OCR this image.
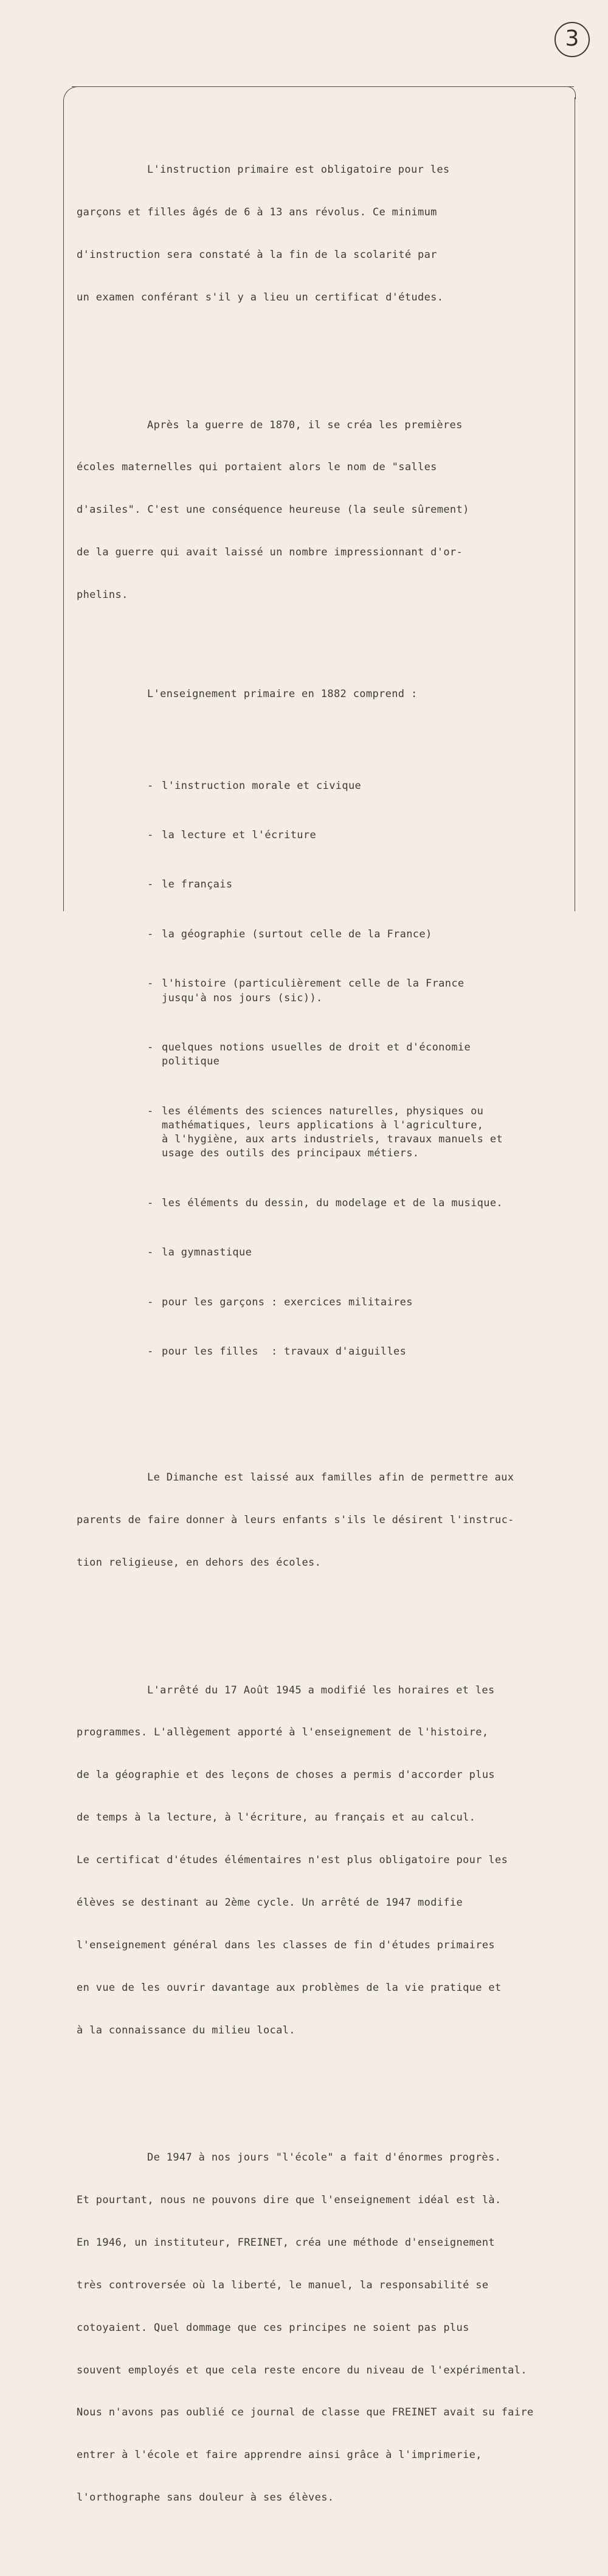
3

L'instruction primaire est obligatoire pour les

garçons et filles âgés de 6 à 13 ans révolus. Ce minimum

d'instruction sera constaté à la fin de la scolarité par

un examen conférant s'il y a lieu un certificat d'études.

Après la guerre de 1870, il se créa les premières

écoles maternelles qui portaient alors le nom de "salles

d'asiles". C'est une conséquence heureuse (la seule sûrement)

de la guerre qui avait laissé un nombre impressionnant d'or-

phelins.

L'enseignement primaire en 1882 comprend :

- l'instruction morale et civique

- la lecture et l'écriture

- le français

- la géographie (surtout celle de la France)

- l'histoire (particulièrement celle de la France
jusqu'à nos jours (sic)).

- quelques notions usuelles de droit et d'économie
politique

- les éléments des sciences naturelles, physiques ou
mathématiques, leurs applications à l'agriculture,
à l'hygiène, aux arts industriels, travaux manuels et
usage des outils des principaux métiers.

- les éléments du dessin, du modelage et de la musique.

- la gymnastique

- pour les garçons : exercices militaires

- pour les filles  : travaux d'aiguilles

Le Dimanche est laissé aux familles afin de permettre aux

parents de faire donner à leurs enfants s'ils le désirent l'instruc-

tion religieuse, en dehors des écoles.

L'arrêté du 17 Août 1945 a modifié les horaires et les

programmes. L'allègement apporté à l'enseignement de l'histoire,

de la géographie et des leçons de choses a permis d'accorder plus

de temps à la lecture, à l'écriture, au français et au calcul.

Le certificat d'études élémentaires n'est plus obligatoire pour les

élèves se destinant au 2ème cycle. Un arrêté de 1947 modifie

l'enseignement général dans les classes de fin d'études primaires

en vue de les ouvrir davantage aux problèmes de la vie pratique et

à la connaissance du milieu local.

De 1947 à nos jours "l'école" a fait d'énormes progrès.

Et pourtant, nous ne pouvons dire que l'enseignement idéal est là.

En 1946, un instituteur, FREINET, créa une méthode d'enseignement

très controversée où la liberté, le manuel, la responsabilité se

cotoyaient. Quel dommage que ces principes ne soient pas plus

souvent employés et que cela reste encore du niveau de l'expérimental.

Nous n'avons pas oublié ce journal de classe que FREINET avait su faire

entrer à l'école et faire apprendre ainsi grâce à l'imprimerie,

l'orthographe sans douleur à ses élèves.
